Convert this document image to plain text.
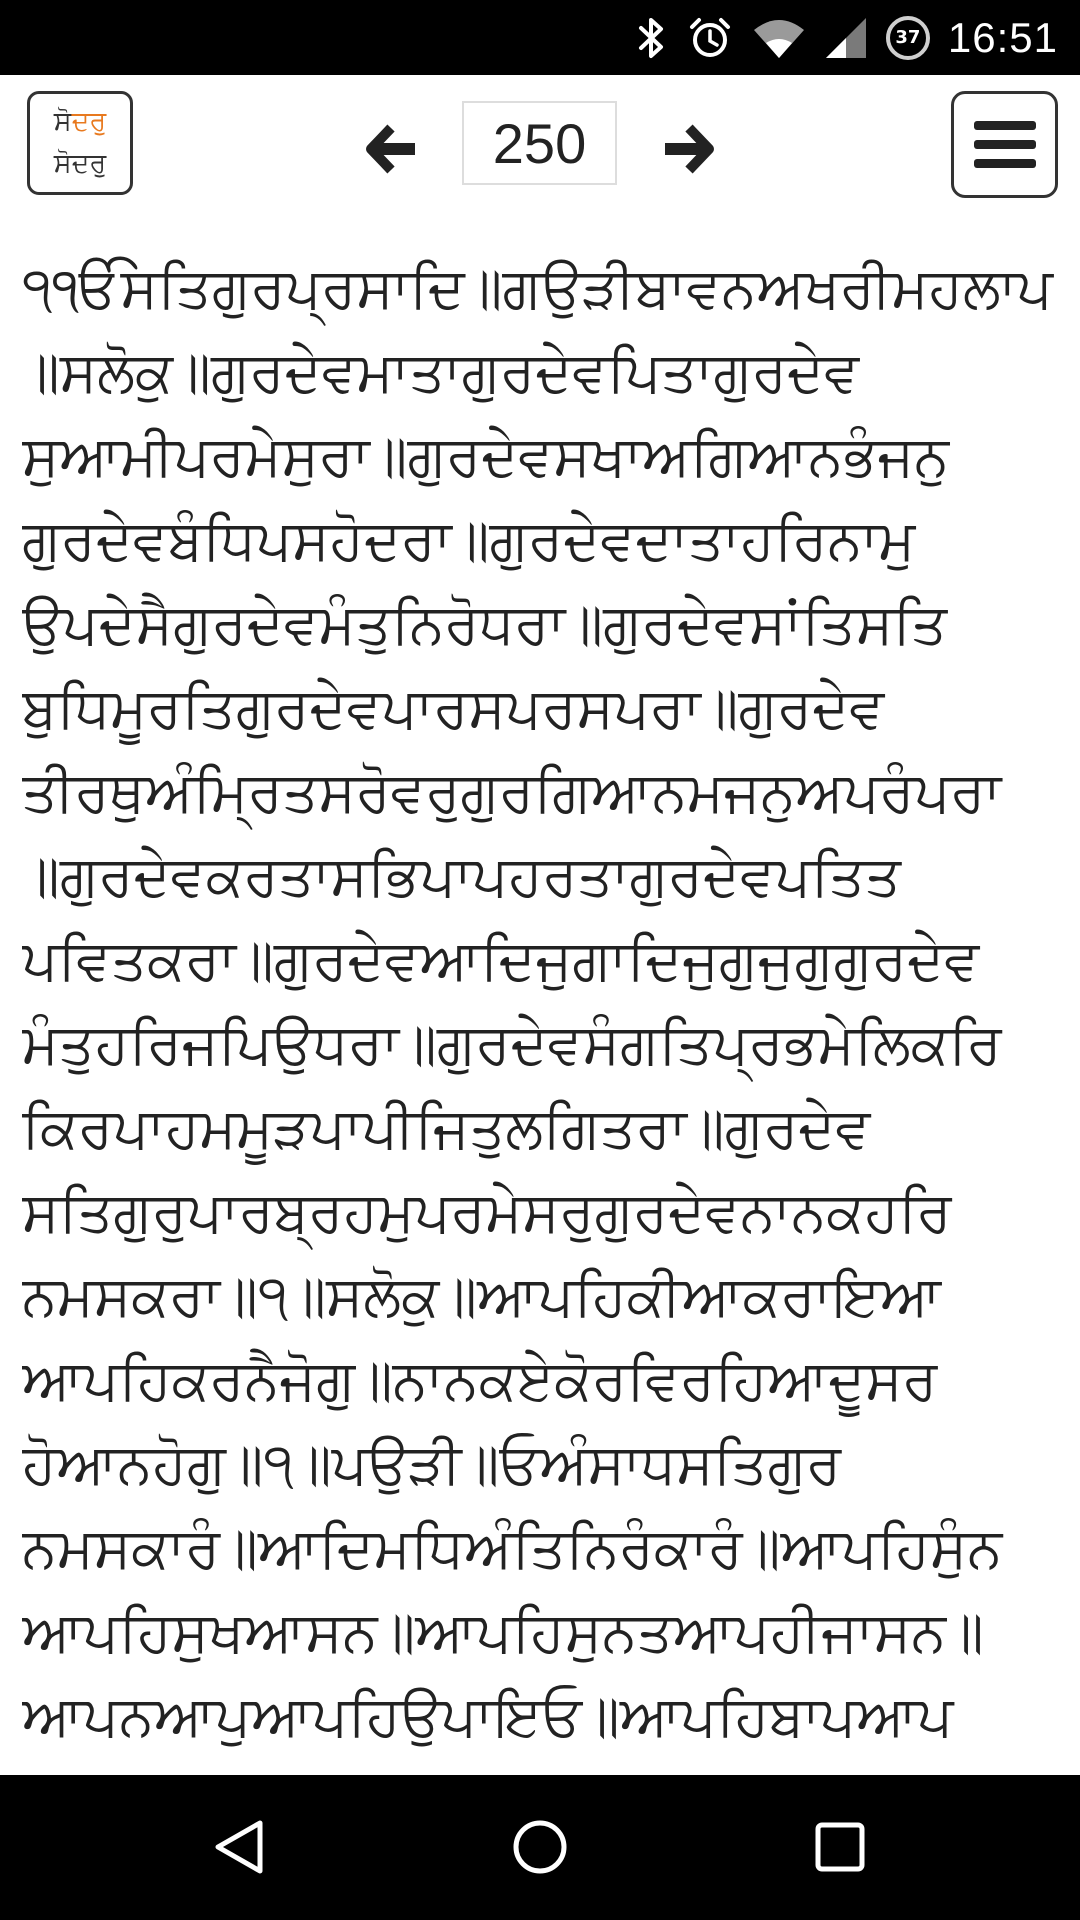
37 16:51
ਸੋਦਰੁ
ਸੋਦਰੁ	250
੧ੴਸਤਿਗੁਰਪ੍ਰਸਾਦਿ॥ਗਉੜੀਬਾਵਨਅਖਰੀਮਹਲਾਪ
॥ਸਲੋਕੁ॥ਗੁਰਦੇਵਮਾਤਾਗੁਰਦੇਵਪਿਤਾਗੁਰਦੇਵ
ਸੁਆਮੀਪਰਮੇਸੁਰਾ॥ਗੁਰਦੇਵਸਖਾਅਗਿਆਨਭੰਜਨੁ
ਗੁਰਦੇਵਬੰਧਿਪਸਹੋਦਰਾ॥ਗੁਰਦੇਵਦਾਤਾਹਰਿਨਾਮੁ
ਉਪਦੇਸੈਗੁਰਦੇਵਮੰਤੁਨਿਰੋਧਰਾ॥ਗੁਰਦੇਵਸਾਂਤਿਸਤਿ
ਬੁਧਿਮੂਰਤਿਗੁਰਦੇਵਪਾਰਸਪਰਸਪਰਾ॥ਗੁਰਦੇਵ
ਤੀਰਥੁਅੰਮ੍ਰਿਤਸਰੋਵਰੁਗੁਰਗਿਆਨਮਜਨੁਅਪਰੰਪਰਾ
॥ਗੁਰਦੇਵਕਰਤਾਸਭਿਪਾਪਹਰਤਾਗੁਰਦੇਵਪਤਿਤ
ਪਵਿਤਕਰਾ॥ਗੁਰਦੇਵਆਦਿਜੁਗਾਦਿਜੁਗੁਜੁਗੁਗੁਰਦੇਵ
ਮੰਤੁਹਰਿਜਪਿਉਧਰਾ॥ਗੁਰਦੇਵਸੰਗਤਿਪ੍ਰਭਮੇਲਿਕਰਿ
ਕਿਰਪਾਹਮਮੂੜਪਾਪੀਜਿਤੁਲਗਿਤਰਾ॥ਗੁਰਦੇਵ
ਸਤਿਗੁਰੁਪਾਰਬ੍ਰਹਮੁਪਰਮੇਸਰੁਗੁਰਦੇਵਨਾਨਕਹਰਿ
ਨਮਸਕਰਾ॥੧॥ਸਲੋਕੁ॥ਆਪਹਿਕੀਆਕਰਾਇਆ
ਆਪਹਿਕਰਨੈਜੋਗੁ॥ਨਾਨਕਏਕੋਰਵਿਰਹਿਆਦੂਸਰ
ਹੋਆਨਹੋਗੁ॥੧॥ਪਉੜੀ॥ਓਅੰਸਾਧਸਤਿਗੁਰ
ਨਮਸਕਾਰੰ॥ਆਦਿਮਧਿਅੰਤਿਨਿਰੰਕਾਰੰ॥ਆਪਹਿਸੁੰਨ
ਆਪਹਿਸੁਖਆਸਨ॥ਆਪਹਿਸੁਨਤਆਪਹੀਜਾਸਨ॥
ਆਪਨਆਪੁਆਪਹਿਉਪਾਇਓ॥ਆਪਹਿਬਾਪਆਪ
